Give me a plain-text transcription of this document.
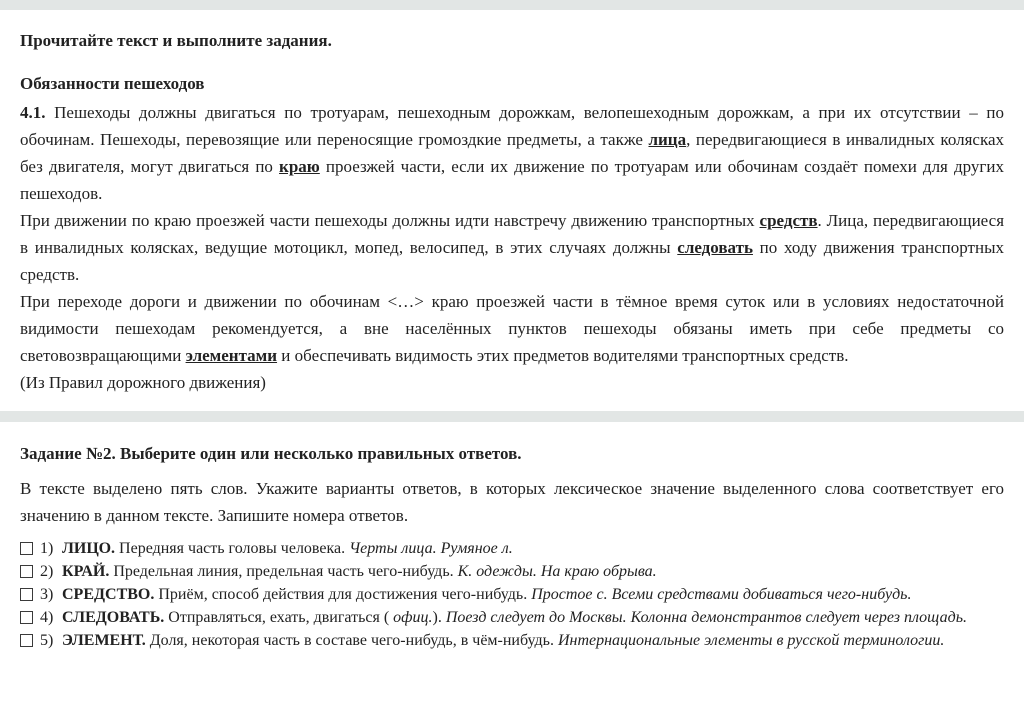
Прочитайте текст и выполните задания.

Обязанности пешеходов

4.1. Пешеходы должны двигаться по тротуарам, пешеходным дорожкам, велопешеходным дорожкам, а при их отсутствии – по обочинам. Пешеходы, перевозящие или переносящие громоздкие предметы, а также лица, передвигающиеся в инвалидных колясках без двигателя, могут двигаться по краю проезжей части, если их движение по тротуарам или обочинам создаёт помехи для других пешеходов.

При движении по краю проезжей части пешеходы должны идти навстречу движению транспортных средств. Лица, передвигающиеся в инвалидных колясках, ведущие мотоцикл, мопед, велосипед, в этих случаях должны следовать по ходу движения транспортных средств.

При переходе дороги и движении по обочинам <…> краю проезжей части в тёмное время суток или в условиях недостаточной видимости пешеходам рекомендуется, а вне населённых пунктов пешеходы обязаны иметь при себе предметы со световозвращающими элементами и обеспечивать видимость этих предметов водителями транспортных средств.

(Из Правил дорожного движения)

Задание №2. Выберите один или несколько правильных ответов.

В тексте выделено пять слов. Укажите варианты ответов, в которых лексическое значение выделенного слова соответствует его значению в данном тексте. Запишите номера ответов.

1) ЛИЦО. Передняя часть головы человека. Черты лица. Румяное л.
2) КРАЙ. Предельная линия, предельная часть чего-нибудь. К. одежды. На краю обрыва.
3) СРЕДСТВО. Приём, способ действия для достижения чего-нибудь. Простое с. Всеми средствами добиваться чего-нибудь.
4) СЛЕДОВАТЬ. Отправляться, ехать, двигаться ( офиц.). Поезд следует до Москвы. Колонна демонстрантов следует через площадь.
5) ЭЛЕМЕНТ. Доля, некоторая часть в составе чего-нибудь, в чём-нибудь. Интернациональные элементы в русской терминологии.
